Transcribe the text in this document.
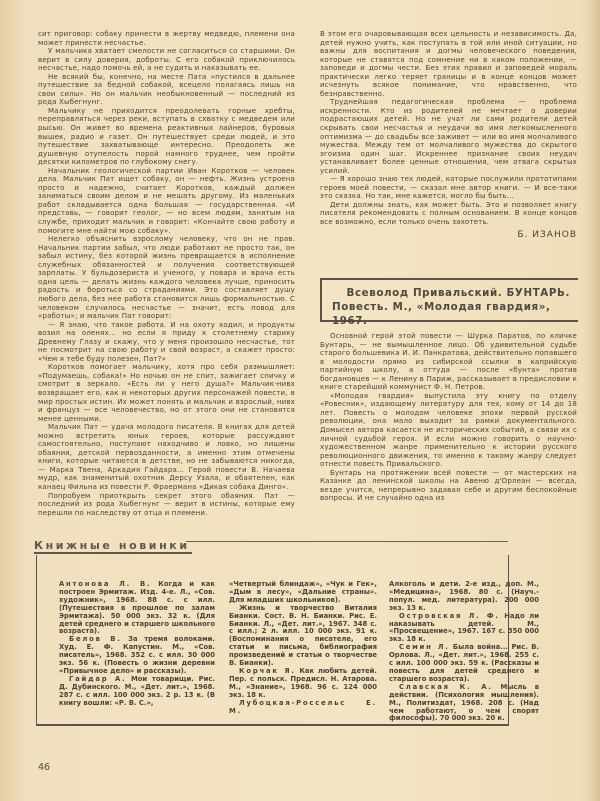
сит приговор: собаку принести в жертву медведю, племени она может принести несчастье.

У мальчика хватает смелости не согласиться со старшими. Он верит в силу доверия, доброты. С его собакой приключилось несчастье, надо помочь ей, а не судить и наказывать ее.

Не всякий бы, конечно, на месте Пата «пустился в дальнее путешествие за бедной собакой, всецело полагаясь лишь на свои силы». Но он мальчик необыкновенный — последний из рода Хыбегнунг.

Мальчику не приходится преодолевать горные хребты, переправляться через реки, вступать в схватку с медведем или рысью. Он живет во времена реактивных лайнеров, буровых вышек, радио и газет. Он путешествует среди людей, и это путешествие захватывающе интересно. Преодолеть же душевную отупелость порой намного труднее, чем пройти десятки километров по глубокому снегу.

Начальник геологической партии Иван Коротков — человек дела. Мальчик Пат ищет собаку, он — нефть. Жизнь устроена просто и надежно, считает Коротков, каждый должен заниматься своим делом и не мешать другому. Из маленьких работ складывается одна большая — государственная. «И представь, — говорит геолог, — но всем людям, занятым на службе, приходит мальчик и говорит: «Кончайте свою работу и помогите мне найти мою собаку».

Нелегко объяснить взрослому человеку, что он не прав. Начальник партии забыл, что люди работают не просто так, он забыл истину, без которой жизнь превращается в исполнение служебных обязанностей и получения соответствующей зарплаты. У бульдозериста и ученого, у повара и врача есть одна цель — делать жизнь каждого человека лучше, приносить радость и бороться со страданиями. Это составляет душу любого дела, без нее работа становится лишь формальностью. С человеком случилось несчастье — значит, есть повод для «работы»; и мальчик Пат говорит:

— Я знаю, что такое работа. И на охоту ходил, и продукты возил на оленях... но если я приду к столетнему старику Древнему Глазу и скажу, что у меня произошло несчастье, тот не посмотрит на свою работу и свой возраст, а скажет просто: «Чем я тебе буду полезен, Пат?»

Коротков помогает мальчику, хотя про себя размышляет: «Подумаешь, собака!» Но ночью он не спит, зажигает спичку и смотрит в зеркало. «Есть ли у него душа?» Мальчик-нивх возвращает его, как и некоторых других персонажей повести, в мир простых истин. Их может понять и мальчик и взрослый, нивх и француз — все человечество, но от этого они не становятся менее ценными.

Мальчик Пат — удача молодого писателя. В книгах для детей можно встретить юных героев, которые рассуждают самостоятельно, поступают находчиво и ловко, но лишены обаяния, детской первозданности, а именно этим отмечены книги, которые читаются в детстве, но не забываются никогда, — Марка Твена, Аркадия Гайдара... Герой повести В. Начаева мудр, как знаменитый охотник Дерсу Узала, и обаятелен, как канаец Фильна из повести Р. Фраермана «Дикая собака Динго».

Попробуем приоткрыть секрет этого обаяния. Пат — последний из рода Хыбегнунг — верит в истины, которые ему перешли по наследству от отца и племени.

В этом его очаровывающая всех цельность и независимость. Да, детей нужно учить, как поступать в той или иной ситуации, но важны для воспитания и догмы человеческого поведения, которые не ставятся под сомнение ни в каком положении, — заповеди и догмы чести. Без этих правил и заповедей мораль практически легко теряет границы и в конце концов может исчезнуть всякое понимание, что нравственно, что безнравственно.

Труднейшая педагогическая проблема — проблема искренности. Кто из родителей не мечтает о доверии подрастающих детей. Но не учат ли сами родители детей скрывать свои несчастья и неудачи во имя легкомысленного оптимизма — до свадьбы все заживет — или во имя молчаливого мужества. Между тем от молчаливого мужества до скрытого эгоизма один шаг. Искреннее признание своих неудач устанавливает более ценные отношения, чем отвага скрытых усилий.

— Я хорошо знаю тех людей, которые послужили прототипами героев моей повести, — сказал мне автор книги. — И все-таки это сказка. Но так, мне кажется, могло бы быть...

Дети должны знать, как может быть. Это и позволяет книгу писателя рекомендовать с полным основанием. В конце концов все возможно, если только очень захотеть.

Б. ИЗАНОВ
Всеволод Привальский. БУНТАРЬ.
Повесть. М., «Молодая гвардия», 1967.

Основной герой этой повести — Шурка Паратов, по кличке Бунтарь, — не вымышленное лицо. Об удивительной судьбе старого большевика И. И. Панкратова, действительно попавшего в молодости прямо из сибирской ссылки в каприйскую партийную школу, а оттуда — после «бунта» против богдановцев — к Ленину в Париж, рассказывает в предисловии к книге старейший коммунист Ф. Н. Петров.

«Молодая гвардия» выпустила эту книгу по отделу «Ровесник», издающему литературу для тех, кому от 14 до 18 лет. Повесть о молодом человеке эпохи первой русской революции, она мало выходит за рамки документального. Домысел автора касается не исторических событий, а связи их с личной судьбой героя. И если можно говорить о научно-художественном жанре применительно к истории русского революционного движения, то именно к такому жанру следует отнести повесть Привальского.

Бунтарь на протяжении всей повести — от мастерских на Казанке до ленинской школы на Авеню д'Орлеан — всегда, везде учится, непрерывно задавая себе и другим беспокойные вопросы. И не случайно одна из

Книжные новинки

Антонова Л. В. Когда и как построен Эрмитаж. Изд. 4-е. Л., «Сов. художник», 1968. 88 с. с илл. (Путешествия в прошлое по залам Эрмитажа). 50 000 экз. 32 к. (Для детей среднего и старшего школьного возраста).

Белов В. За тремя волоками. Худ. Е. Ф. Капустин. М., «Сов. писатель», 1968. 352 с. с илл. 30 000 экз. 56 к. (Повесть о жизни деревни «Привычное дело» и рассказы).

Гайдар А. Мои товарищи. Рис. Д. Дубинского. М., «Дет. лит.», 1968. 287 с. с илл. 100 000 экз. 2 р. 13 к. (В книгу вошли: «Р. В. С.»,

«Четвертый блиндаж», «Чук и Гек», «Дым в лесу», «Дальние страны». Для младших школьников).

Жизнь и творчество Виталия Бианки. Сост. В. Н. Бианки. Рис. Е. Бианки. Л., «Дет. лит.», 1967. 348 с. с илл.; 2 л. илл. 10 000 экз. 91 к. (Воспоминания о писателе, его статьи и письма, библиография произведений и статьи о творчестве В. Бианки).

Корчак Я. Как любить детей. Пер. с польск. Предисл. Н. Атарова. М., «Знание», 1968. 96 с. 124 000 экз. 18 к.

Лубоцкая-Россельс Е. М.

Алкоголь и дети. 2-е изд., доп. М., «Медицина», 1968. 80 с. (Науч.-попул. мед. литература). 200 000 экз. 13 к.

Островская Л. Ф. Надо ли наказывать детей. М., «Просвещение», 1967. 167 с. 350 000 экз. 18 к.

Семин Л. Была война... Рис. В. Орлова. Л., «Дет. лит.», 1968. 255 с. с илл. 100 000 экз. 59 к. (Рассказы и повесть для детей среднего и старшего возраста).

Славская К. А. Мысль в действии. (Психология мышления). М., Политиздат, 1968. 208 с. (Над чем работают, о чем спорят философы). 70 000 экз. 20 к.

46
